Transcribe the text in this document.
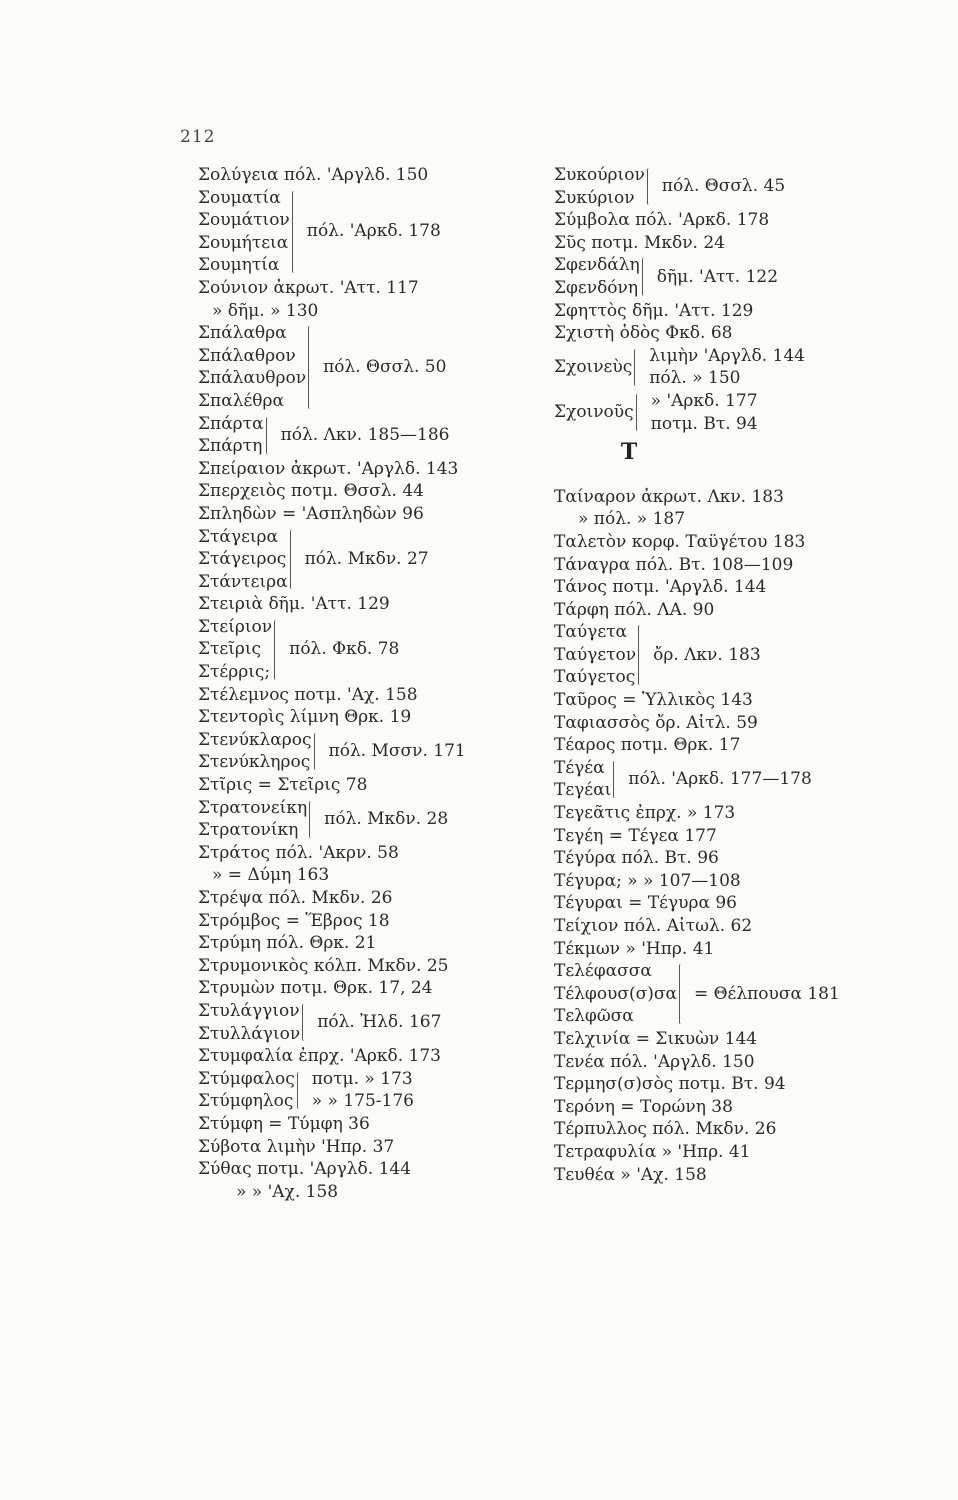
212
Σολύγεια πόλ. 'Αργλδ. 150
Σουματία
Σουμάτιον
Σουμήτεια
Σουμητία
πόλ. 'Αρκδ. 178
Σούνιον ἀκρωτ. 'Αττ. 117
» δῆμ. » 130
Σπάλαθρα
Σπάλαθρον
Σπάλαυθρον
Σπαλέθρα
πόλ. Θσσλ. 50
Σπάρτα
Σπάρτη
πόλ. Λκν. 185—186
Σπείραιον ἀκρωτ. 'Αργλδ. 143
Σπερχειὸς ποτμ. Θσσλ. 44
Σπληδὼν = 'Ασπληδὼν 96
Στάγειρα
Στάγειρος
Στάντειρα
πόλ. Μκδν. 27
Στειριὰ δῆμ. 'Αττ. 129
Στείριον
Στεῖρις
Στέρρις;
πόλ. Φκδ. 78
Στέλεμνος ποτμ. 'Αχ. 158
Στεντορὶς λίμνη Θρκ. 19
Στενύκλαρος
Στενύκληρος
πόλ. Μσσν. 171
Στῖρις = Στεῖρις 78
Στρατονείκη
Στρατονίκη
πόλ. Μκδν. 28
Στράτος πόλ. 'Ακρν. 58
» = Δύμη 163
Στρέψα πόλ. Μκδν. 26
Στρόμβος = Ἕβρος 18
Στρύμη πόλ. Θρκ. 21
Στρυμονικὸς κόλπ. Μκδν. 25
Στρυμὼν ποτμ. Θρκ. 17, 24
Στυλάγγιον
Στυλλάγιον
πόλ. Ἠλδ. 167
Στυμφαλία ἐπρχ. 'Αρκδ. 173
Στύμφαλος
Στύμφηλος
ποτμ. » 173
» » 175-176
Στύμφη = Τύμφη 36
Σύβοτα λιμὴν 'Ηπρ. 37
Σύθας ποτμ. 'Αργλδ. 144
» » 'Αχ. 158
Συκούριον
Συκύριον
πόλ. Θσσλ. 45
Σύμβολα πόλ. 'Αρκδ. 178
Σῦς ποτμ. Μκδν. 24
Σφενδάλη
Σφενδόνη
δῆμ. 'Αττ. 122
Σφηττὸς δῆμ. 'Αττ. 129
Σχιστὴ ὁδὸς Φκδ. 68
Σχοινεὺς
λιμὴν 'Αργλδ. 144
πόλ. » 150
Σχοινοῦς
» 'Αρκδ. 177
ποτμ. Βτ. 94
Τ
Ταίναρον ἀκρωτ. Λκν. 183
» πόλ. » 187
Ταλετὸν κορφ. Ταϋγέτου 183
Τάναγρα πόλ. Βτ. 108—109
Τάνος ποτμ. 'Αργλδ. 144
Τάρφη πόλ. ΛΑ. 90
Ταύγετα
Ταύγετον
Ταύγετος
ὄρ. Λκν. 183
Ταῦρος = Ὑλλικὸς 143
Ταφιασσὸς ὄρ. Αἰτλ. 59
Τέαρος ποτμ. Θρκ. 17
Τέγέα
Τεγέαι
πόλ. 'Αρκδ. 177—178
Τεγεᾶτις ἐπρχ. » 173
Τεγέη = Τέγεα 177
Τέγύρα πόλ. Βτ. 96
Τέγυρα; » » 107—108
Τέγυραι = Τέγυρα 96
Τείχιον πόλ. Αἰτωλ. 62
Τέκμων » 'Ηπρ. 41
Τελέφασσα
Τέλφουσ(σ)σα
Τελφῶσα
= Θέλπουσα 181
Τελχινία = Σικυὼν 144
Τενέα πόλ. 'Αργλδ. 150
Τερμησ(σ)σὸς ποτμ. Βτ. 94
Τερόνη = Τορώνη 38
Τέρπυλλος πόλ. Μκδν. 26
Τετραφυλία » 'Ηπρ. 41
Τευθέα » 'Αχ. 158
